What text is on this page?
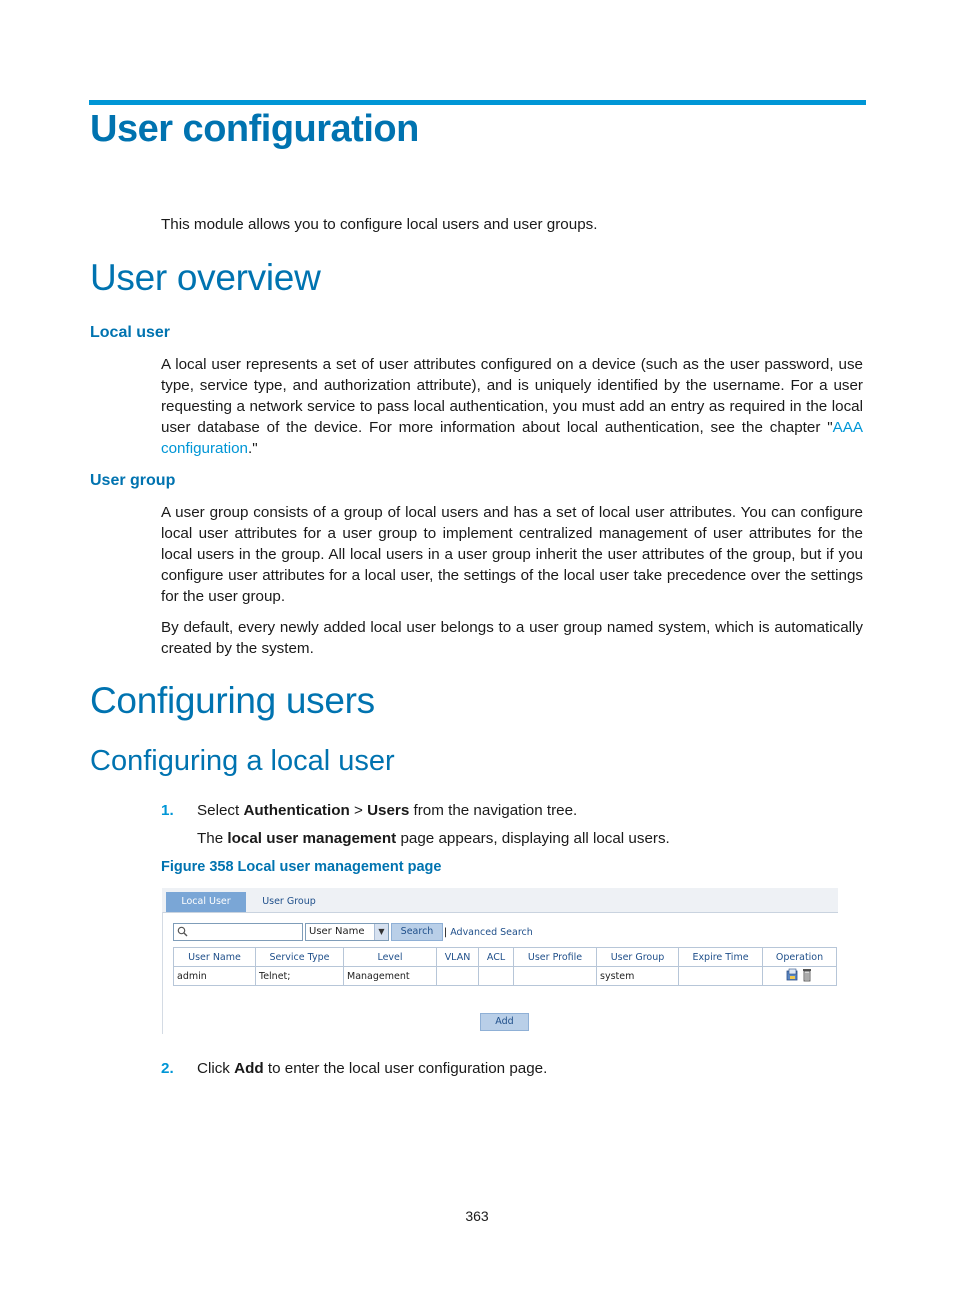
User configuration

This module allows you to configure local users and user groups.

User overview
Local user

A local user represents a set of user attributes configured on a device (such as the user password, use type, service type, and authorization attribute), and is uniquely identified by the username. For a user requesting a network service to pass local authentication, you must add an entry as required in the local user database of the device. For more information about local authentication, see the chapter "AAA configuration."

User group

A user group consists of a group of local users and has a set of local user attributes. You can configure local user attributes for a user group to implement centralized management of user attributes for the local users in the group. All local users in a user group inherit the user attributes of the group, but if you configure user attributes for a local user, the settings of the local user take precedence over the settings for the user group.

By default, every newly added local user belongs to a user group named system, which is automatically created by the system.

Configuring users
Configuring a local user
1. Select Authentication > Users from the navigation tree.
The local user management page appears, displaying all local users.
Figure 358 Local user management page
Local User	User Group
User Name	▼	Search	| Advanced Search
User Name	Service Type	Level	VLAN	ACL	User Profile	User Group	Expire Time	Operation
admin	Telnet;	Management				system		
Add
2. Click Add to enter the local user configuration page.
363
